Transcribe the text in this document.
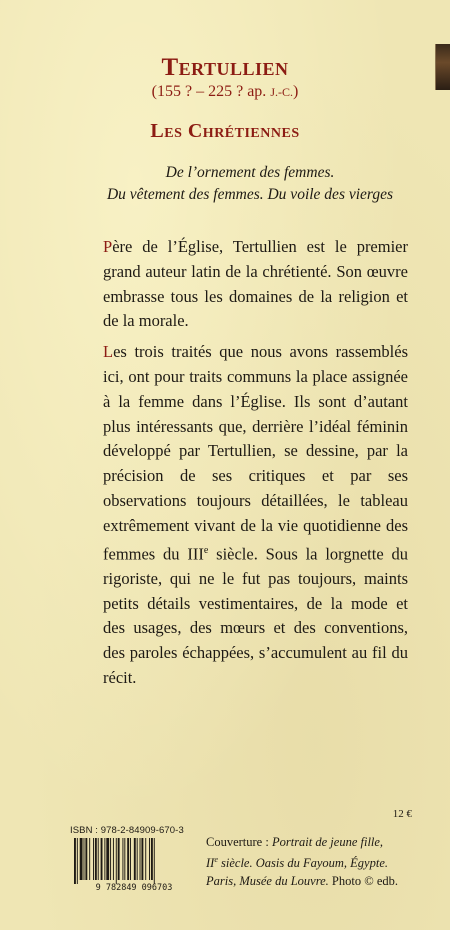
Tertullien
(155 ? – 225 ? ap. J.-C.)
Les Chrétiennes
De l’ornement des femmes.
Du vêtement des femmes. Du voile des vierges

Père de l’Église, Tertullien est le premier grand auteur latin de la chrétienté. Son œuvre embrasse tous les domaines de la religion et de la morale.

Les trois traités que nous avons rassemblés ici, ont pour traits communs la place assignée à la femme dans l’Église. Ils sont d’autant plus intéressants que, derrière l’idéal féminin développé par Tertullien, se dessine, par la précision de ses critiques et par ses observations toujours détaillées, le tableau extrêmement vivant de la vie quotidienne des femmes du IIIe siècle. Sous la lorgnette du rigoriste, qui ne le fut pas toujours, maints petits détails vestimentaires, de la mode et des usages, des mœurs et des conventions, des paroles échappées, s’accumulent au fil du récit.

12 €
ISBN : 978-2-84909-670-3
9 782849 096703
Couverture : Portrait de jeune fille,
IIe siècle. Oasis du Fayoum, Égypte.
Paris, Musée du Louvre. Photo © edb.
